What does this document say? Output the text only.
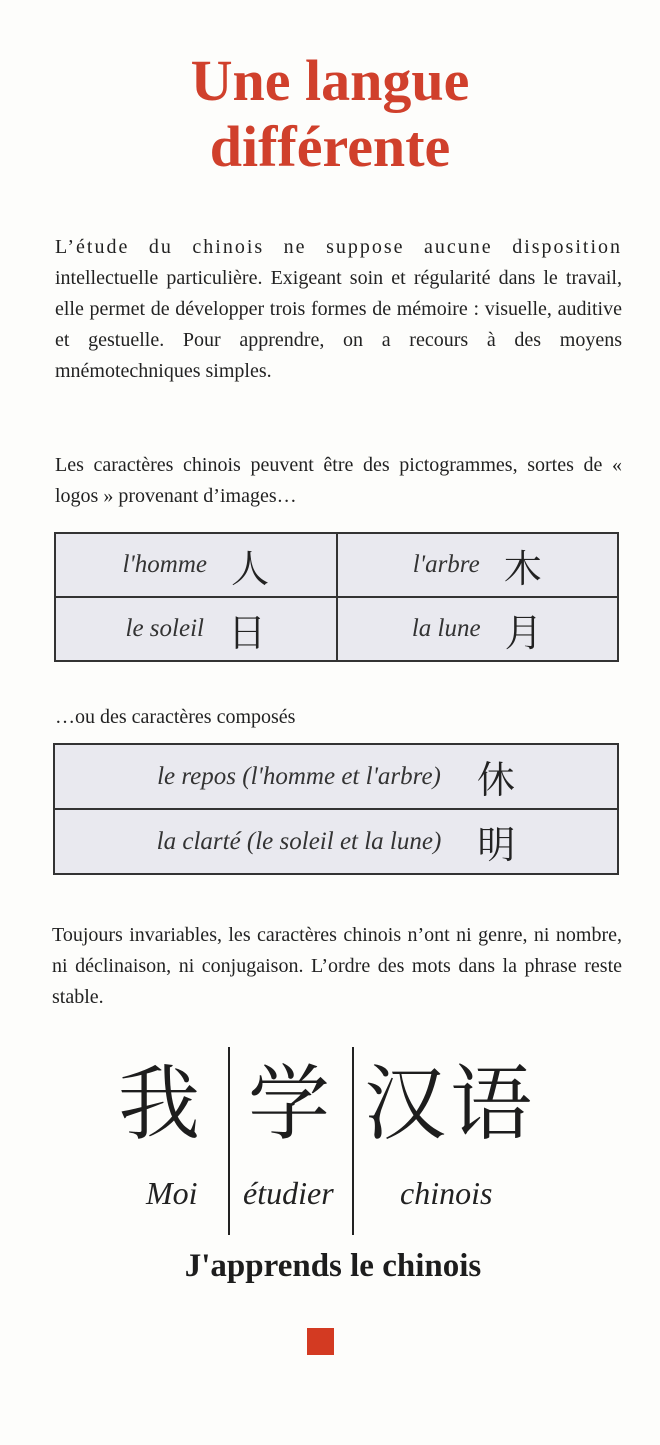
Une langue
différente
L’étude du chinois ne suppose aucune disposition intellectuelle particulière. Exigeant soin et régularité dans le travail, elle permet de développer trois formes de mémoire : visuelle, auditive et gestuelle. Pour apprendre, on a recours à des moyens mnémotechniques simples.
Les caractères chinois peuvent être des pictogrammes, sortes de « logos » provenant d’images…
l'homme 人	l'arbre 木

le soleil 日	la lune 月
…ou des caractères composés
le repos (l'homme et l'arbre) 休

la clarté (le soleil et la lune) 明
Toujours invariables, les caractères chinois n’ont ni genre, ni nombre, ni déclinaison, ni conjugaison. L’ordre des mots dans la phrase reste stable.
我 学 汉语
Moi étudier chinois
J'apprends le chinois
